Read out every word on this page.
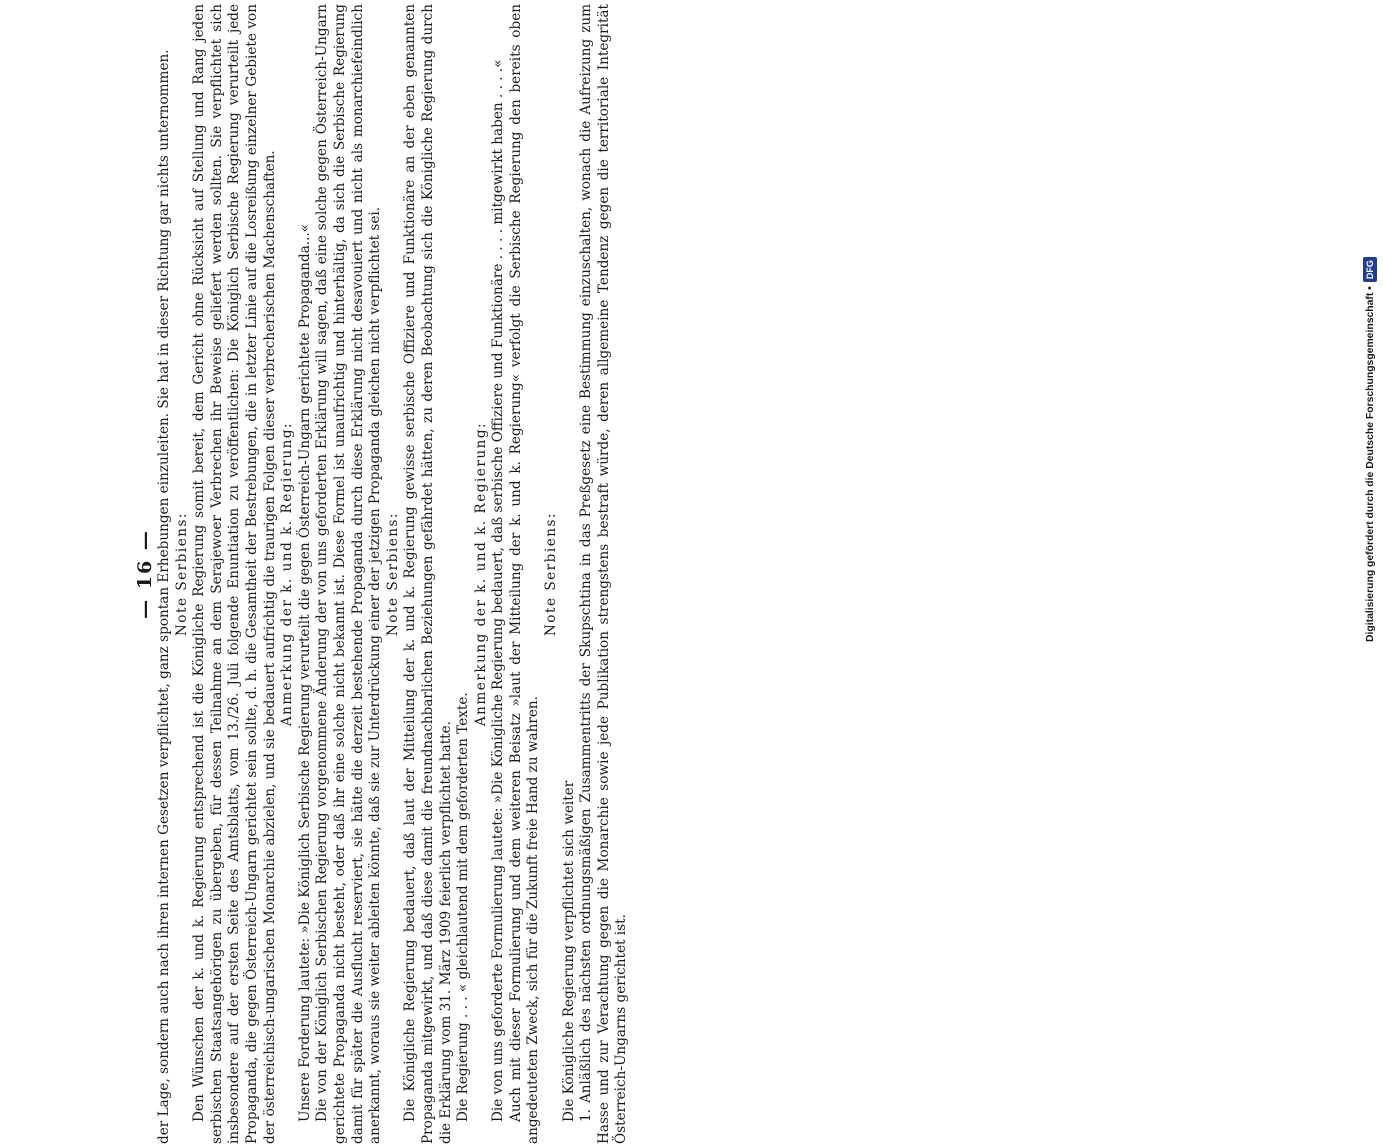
— 16 — der Lage, sondern auch nach ihren internen Gesetzen verpflichtet, ganz spontan Erhebungen einzuleiten. Sie hat in dieser Richtung gar nichts unternommen. Note Serbiens: Den Wünschen der k. und k. Regierung entsprechend ist die Königliche Regierung somit bereit, dem Gericht ohne Rücksicht auf Stellung und Rang jeden serbischen Staatsangehörigen zu übergeben, für dessen Teilnahme an dem Serajewoer Verbrechen ihr Beweise geliefert werden sollten. Sie verpflichtet sich insbesondere auf der ersten Seite des Amtsblatts, vom 13./26. Juli folgende Enuntiation zu veröffentlichen: Die Königlich Serbische Regierung verurteilt jede Propaganda, die gegen Österreich-Ungarn gerichtet sein sollte, d. h. die Gesamtheit der Bestrebungen, die in letzter Linie auf die Losreißung einzelner Gebiete von der österreichisch-ungarischen Monarchie abzielen, und sie bedauert aufrichtig die traurigen Folgen dieser verbrecherischen Machenschaften. Anmerkung der k. und k. Regierung: Unsere Forderung lautete: »Die Königlich Serbische Regierung verurteilt die gegen Österreich-Ungarn gerichtete Propaganda...« Die von der Königlich Serbischen Regierung vorgenommene Änderung der von uns geforderten Erklärung will sagen, daß eine solche gegen Österreich-Ungarn gerichtete Propaganda nicht besteht, oder daß ihr eine solche nicht bekannt ist. Diese Formel ist unaufrichtig und hinterhältig, da sich die Serbische Regierung damit für später die Ausflucht reserviert, sie hätte die derzeit bestehende Propaganda durch diese Erklärung nicht desavouiert und nicht als monarchiefeindlich anerkannt, woraus sie weiter ableiten könnte, daß sie zur Unterdrückung einer der jetzigen Propaganda gleichen nicht verpflichtet sei. Note Serbiens: Die Königliche Regierung bedauert, daß laut der Mitteilung der k. und k. Regierung gewisse serbische Offiziere und Funktionäre an der eben genannten Propaganda mitgewirkt, und daß diese damit die freundnachbarlichen Beziehungen gefährdet hätten, zu deren Beobachtung sich die Königliche Regierung durch die Erklärung vom 31. März 1909 feierlich verpflichtet hatte. Die Regierung . . . « gleichlautend mit dem geforderten Texte.

Anmerkung der k. und k. Regierung: Die von uns geforderte Formulierung lautete: »Die Königliche Regierung bedauert, daß serbische Offiziere und Funktionäre . . . . mitgewirkt haben . . . .« Auch mit dieser Formulierung und dem weiteren Beisatz »laut der Mitteilung der k. und k. Regierung« verfolgt die Serbische Regierung den bereits oben angedeuteten Zweck, sich für die Zukunft freie Hand zu wahren.

Note Serbiens:

Die Königliche Regierung verpflichtet sich weiter 1. Anläßlich des nächsten ordnungsmäßigen Zusammentritts der Skupschtina in das Preßgesetz eine Bestimmung einzuschalten, wonach die Aufreizung zum Hasse und zur Verachtung gegen die Monarchie sowie jede Publikation strengstens bestraft würde, deren allgemeine Tendenz gegen die territoriale Integrität Österreich-Ungarns gerichtet ist.

Digitalisierung gefördert durch die Deutsche Forschungsgemeinschaft •DFG
